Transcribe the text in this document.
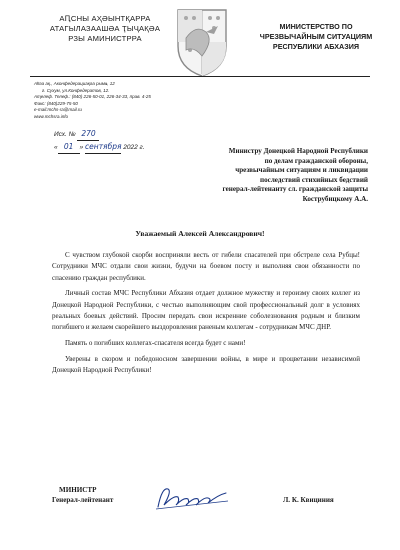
АԤСНЫ АҲӘЫНТҚАРРА
АТАГЫЛАЗААШӘА ҬЫҶАҚӘА
РЗЫ АМИНИСТРРА
МИНИСТЕРСТВО ПО
ЧРЕЗВЫЧАЙНЫМ СИТУАЦИЯМ
РЕСПУБЛИКИ АБХАЗИЯ
Аҟәа ақ., Аконфедерациақәа рымҩ, 12
г. Сухум, ул.Конфедератов, 12.
Аҭелеф. Телеф.: (840) 226-50-01, 226-34-33, прав. 4-25
Факс: (840)229-75-50
e-mail:mchs-ra@mail.ru
www.mchsra.info
Исх. № 270
« 01 » сентября 2022 г.	Министру Донецкой Народной Республики
по делам гражданской обороны,
чрезвычайным ситуациям и ликвидации
последствий стихийных бедствий
генерал-лейтенанту сл. гражданской защиты
Кострубицкому А.А.
Уважаемый Алексей Александрович!

С чувством глубокой скорби восприняли весть от гибели спасателей при обстреле села Рубцы! Сотрудники МЧС отдали свои жизни, будучи на боевом посту и выполняя свои обязанности по спасению граждан республики.

Личный состав МЧС Республики Абхазия отдает должное мужеству и героизму своих коллег из Донецкой Народной Республики, с честью выполняющим свой профессиональный долг в условиях реальных боевых действий. Просим передать свои искренние соболезнования родным и близким погибшего и желаем скорейшего выздоровления раненым коллегам - сотрудникам МЧС ДНР.

Память о погибших коллегах-спасателя всегда будет с нами!

Уверены в скором и победоносном завершении войны, в мире и процветании независимой Донецкой Народной Республики!

МИНИСТР
Генерал-лейтенант	Л. К. Квициния
